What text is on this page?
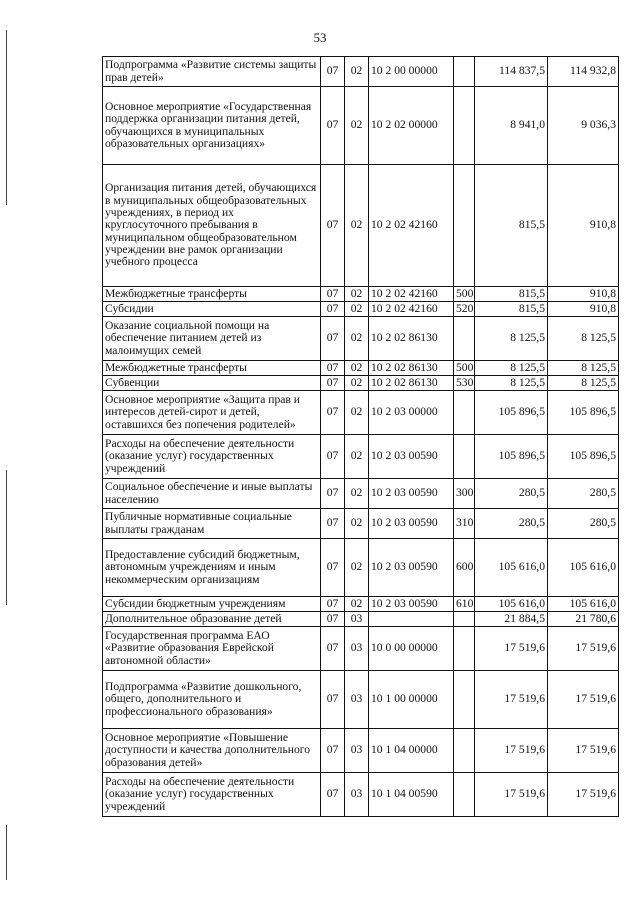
53
Подпрограмма «Развитие системы защиты прав детей»	07	02	10 2 00 00000		114 837,5	114 932,8
Основное мероприятие «Государственная поддержка организации питания детей, обучающихся в муниципальных образовательных организациях»	07	02	10 2 02 00000		8 941,0	9 036,3
Организация питания детей, обучающихся в муниципальных общеобразовательных учреждениях, в период их круглосуточного пребывания в муниципальном общеобразовательном учреждении вне рамок организации учебного процесса	07	02	10 2 02 42160		815,5	910,8
Межбюджетные трансферты	07	02	10 2 02 42160	500	815,5	910,8
Субсидии	07	02	10 2 02 42160	520	815,5	910,8
Оказание социальной помощи на обеспечение питанием детей из малоимущих семей	07	02	10 2 02 86130		8 125,5	8 125,5
Межбюджетные трансферты	07	02	10 2 02 86130	500	8 125,5	8 125,5
Субвенции	07	02	10 2 02 86130	530	8 125,5	8 125,5
Основное мероприятие «Защита прав и интересов детей-сирот и детей, оставшихся без попечения родителей»	07	02	10 2 03 00000		105 896,5	105 896,5
Расходы на обеспечение деятельности (оказание услуг) государственных учреждений	07	02	10 2 03 00590		105 896,5	105 896,5
Социальное обеспечение и иные выплаты населению	07	02	10 2 03 00590	300	280,5	280,5
Публичные нормативные социальные выплаты гражданам	07	02	10 2 03 00590	310	280,5	280,5
Предоставление субсидий бюджетным, автономным учреждениям и иным некоммерческим организациям	07	02	10 2 03 00590	600	105 616,0	105 616,0
Субсидии бюджетным учреждениям	07	02	10 2 03 00590	610	105 616,0	105 616,0
Дополнительное образование детей	07	03			21 884,5	21 780,6
Государственная программа ЕАО «Развитие образования Еврейской автономной области»	07	03	10 0 00 00000		17 519,6	17 519,6
Подпрограмма «Развитие дошкольного, общего, дополнительного и профессионального образования»	07	03	10 1 00 00000		17 519,6	17 519,6
Основное мероприятие «Повышение доступности и качества дополнительного образования детей»	07	03	10 1 04 00000		17 519,6	17 519,6
Расходы на обеспечение деятельности (оказание услуг) государственных учреждений	07	03	10 1 04 00590		17 519,6	17 519,6
